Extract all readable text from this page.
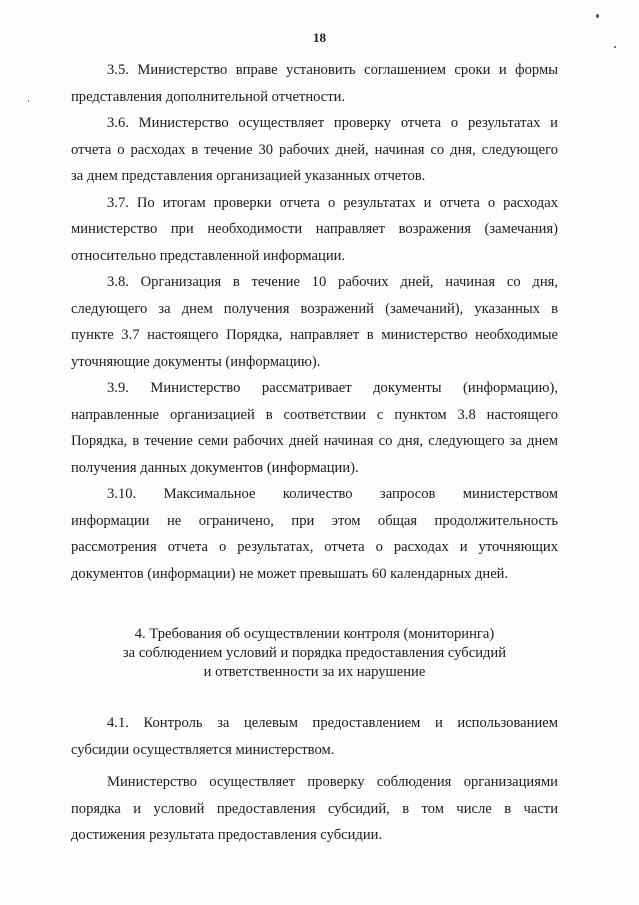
18

3.5. Министерство вправе установить соглашением сроки и формы
представления дополнительной отчетности.

3.6. Министерство осуществляет проверку отчета о результатах и
отчета о расходах в течение 30 рабочих дней, начиная со дня, следующего
за днем представления организацией указанных отчетов.

3.7. По итогам проверки отчета о результатах и отчета о расходах
министерство при необходимости направляет возражения (замечания)
относительно представленной информации.

3.8. Организация в течение 10 рабочих дней, начиная со дня,
следующего за днем получения возражений (замечаний), указанных в
пункте 3.7 настоящего Порядка, направляет в министерство необходимые
уточняющие документы (информацию).

3.9. Министерство рассматривает документы (информацию),
направленные организацией в соответствии с пунктом 3.8 настоящего
Порядка, в течение семи рабочих дней начиная со дня, следующего за днем
получения данных документов (информации).

3.10. Максимальное количество запросов министерством
информации не ограничено, при этом общая продолжительность
рассмотрения отчета о результатах, отчета о расходах и уточняющих
документов (информации) не может превышать 60 календарных дней.

4. Требования об осуществлении контроля (мониторинга)
за соблюдением условий и порядка предоставления субсидий
и ответственности за их нарушение

4.1. Контроль за целевым предоставлением и использованием
субсидии осуществляется министерством.

Министерство осуществляет проверку соблюдения организациями
порядка и условий предоставления субсидий, в том числе в части
достижения результата предоставления субсидии.
